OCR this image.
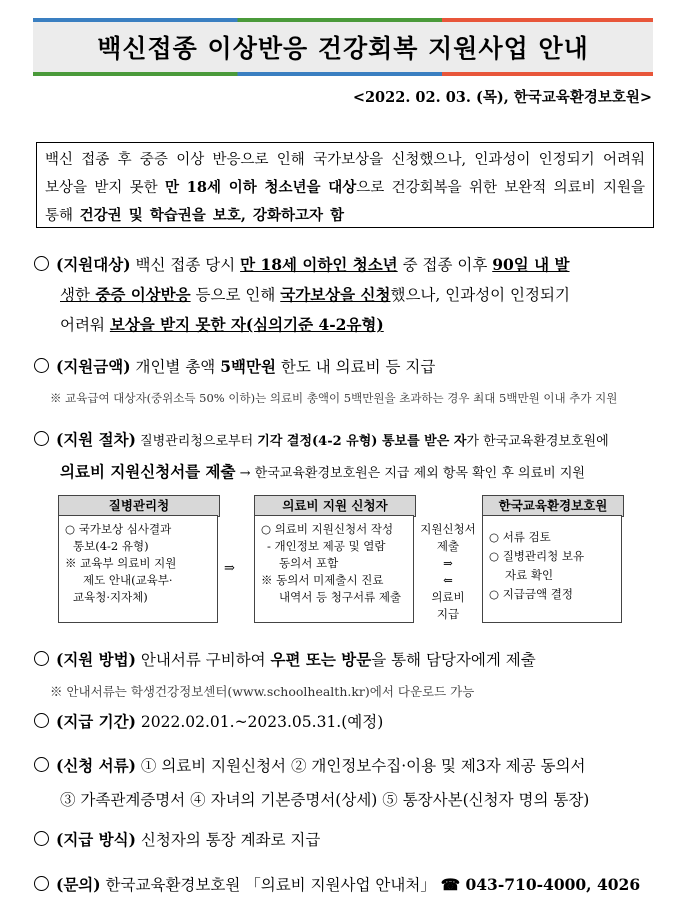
백신접종 이상반응 건강회복 지원사업 안내
<2022. 02. 03. (목), 한국교육환경보호원>
백신 접종 후 중증 이상 반응으로 인해 국가보상을 신청했으나, 인과성이 인정되기 어려워 보상을 받지 못한 만 18세 이하 청소년을 대상으로 건강회복을 위한 보완적 의료비 지원을 통해 건강권 및 학습권을 보호, 강화하고자 함
(지원대상) 백신 접종 당시 만 18세 이하인 청소년 중 접종 이후 90일 내 발
생한 중증 이상반응 등으로 인해 국가보상을 신청했으나, 인과성이 인정되기
어려워 보상을 받지 못한 자(심의기준 4-2유형)
(지원금액) 개인별 총액 5백만원 한도 내 의료비 등 지급
※ 교육급여 대상자(중위소득 50% 이하)는 의료비 총액이 5백만원을 초과하는 경우 최대 5백만원 이내 추가 지원
(지원 절차) 질병관리청으로부터 기각 결정(4-2 유형) 통보를 받은 자가 한국교육환경보호원에
의료비 지원신청서를 제출 → 한국교육환경보호원은 지급 제외 항목 확인 후 의료비 지원
질병관리청
○ 국가보상 심사결과
통보(4-2 유형)
※ 교육부 의료비 지원
제도 안내(교육부·
교육청·지자체)
⇒
의료비 지원 신청자
○ 의료비 지원신청서 작성
- 개인정보 제공 및 열람
동의서 포함
※ 동의서 미제출시 진료
내역서 등 청구서류 제출
지원신청서
제출
⇒
⇐
의료비
지급
한국교육환경보호원
○ 서류 검토
○ 질병관리청 보유
자료 확인
○ 지급금액 결정
(지원 방법) 안내서류 구비하여 우편 또는 방문을 통해 담당자에게 제출
※ 안내서류는 학생건강정보센터(www.schoolhealth.kr)에서 다운로드 가능
(지급 기간) 2022.02.01.~2023.05.31.(예정)
(신청 서류) ① 의료비 지원신청서 ② 개인정보수집·이용 및 제3자 제공 동의서
③ 가족관계증명서 ④ 자녀의 기본증명서(상세) ⑤ 통장사본(신청자 명의 통장)
(지급 방식) 신청자의 통장 계좌로 지급
(문의) 한국교육환경보호원 「의료비 지원사업 안내처」 ☎ 043-710-4000, 4026
